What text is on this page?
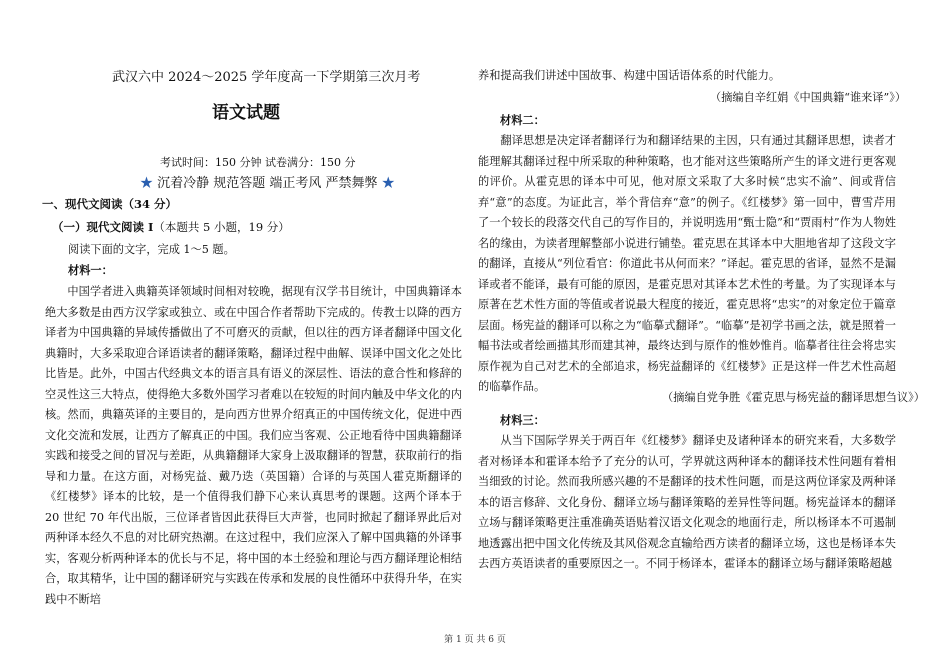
武汉六中 2024～2025 学年度高一下学期第三次月考
语文试题
考试时间：150 分钟 试卷满分：150 分
★ 沉着冷静 规范答题 端正考风 严禁舞弊 ★
一、现代文阅读（34 分）
（一）现代文阅读 I（本题共 5 小题，19 分）
阅读下面的文字，完成 1～5 题。
材料一：
中国学者进入典籍英译领域时间相对较晚，据现有汉学书目统计，中国典籍译本绝大多数是由西方汉学家或独立、或在中国合作者帮助下完成的。传教士以降的西方译者为中国典籍的异域传播做出了不可磨灭的贡献，但以往的西方译者翻译中国文化典籍时，大多采取迎合译语读者的翻译策略，翻译过程中曲解、误译中国文化之处比比皆是。此外，中国古代经典文本的语言具有语义的深层性、语法的意合性和修辞的空灵性这三大特点，使得绝大多数外国学习者难以在较短的时间内触及中华文化的内核。然而，典籍英译的主要目的，是向西方世界介绍真正的中国传统文化，促进中西文化交流和发展，让西方了解真正的中国。我们应当客观、公正地看待中国典籍翻译实践和接受之间的冒况与差距，从典籍翻译大家身上汲取翻译的智慧，获取前行的指导和力量。在这方面，对杨宪益、戴乃迭（英国籍）合译的与英国人霍克斯翻译的《红楼梦》译本的比较，是一个值得我们静下心来认真思考的课题。这两个译本于 20 世纪 70 年代出版，三位译者皆因此获得巨大声誉，也同时掀起了翻译界此后对两种译本经久不息的对比研究热潮。在这过程中，我们应深入了解中国典籍的外译事实，客观分析两种译本的优长与不足，将中国的本土经验和理论与西方翻译理论相结合，取其精华，让中国的翻译研究与实践在传承和发展的良性循环中获得升华，在实践中不断培
养和提高我们讲述中国故事、构建中国话语体系的时代能力。
（摘编自辛红娟《中国典籍“谁来译”》）
材料二：
翻译思想是决定译者翻译行为和翻译结果的主因，只有通过其翻译思想，读者才能理解其翻译过程中所采取的种种策略，也才能对这些策略所产生的译文进行更客观的评价。从霍克思的译本中可见，他对原文采取了大多时候“忠实不渝”、间或背信弃“意”的态度。为证此言，举个背信弃“意”的例子。《红楼梦》第一回中，曹雪芹用了一个较长的段落交代自己的写作目的，并说明选用“甄士隐”和“贾雨村”作为人物姓名的缘由，为读者理解整部小说进行铺垫。霍克思在其译本中大胆地省却了这段文字的翻译，直接从“列位看官：你道此书从何而来？”译起。霍克思的省译，显然不是漏译或者不能译，最有可能的原因，是霍克思对其译本艺术性的考量。为了实现译本与原著在艺术性方面的等值或者说最大程度的接近，霍克思将“忠实”的对象定位于篇章层面。杨宪益的翻译可以称之为“临摹式翻译”。“临摹”是初学书画之法，就是照着一幅书法或者绘画描其形而建其神，最终达到与原作的惟妙惟肖。临摹者往往会将忠实原作视为自己对艺术的全部追求，杨宪益翻译的《红楼梦》正是这样一件艺术性高超的临摹作品。
（摘编自党争胜《霍克思与杨宪益的翻译思想刍议》）
材料三：
从当下国际学界关于两百年《红楼梦》翻译史及诸种译本的研究来看，大多数学者对杨译本和霍译本给予了充分的认可，学界就这两种译本的翻译技术性问题有着相当细致的讨论。然而我所感兴趣的不是翻译的技术性问题，而是这两位译家及两种译本的语言修辞、文化身份、翻译立场与翻译策略的差异性等问题。杨宪益译本的翻译立场与翻译策略更注重准确英语贴着汉语文化观念的地面行走，所以杨译本不可遏制地透露出把中国文化传统及其风俗观念直输给西方读者的翻译立场，这也是杨译本失去西方英语读者的重要原因之一。不同于杨译本，霍译本的翻译立场与翻译策略超越
第 1 页 共 6 页
